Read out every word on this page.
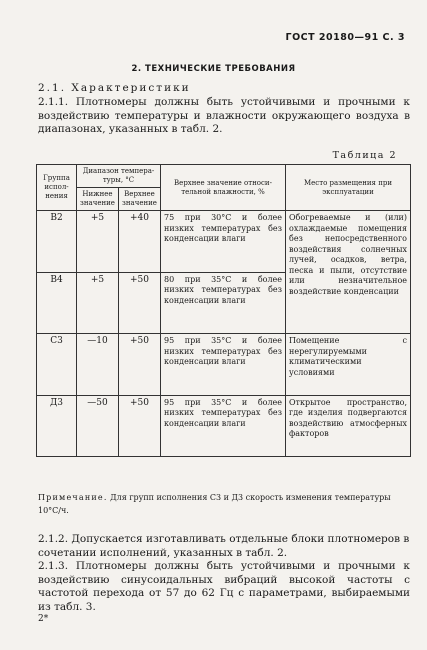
ГОСТ 20180—91 С. 3
2. ТЕХНИЧЕСКИЕ ТРЕБОВАНИЯ
2.1. Характеристики
2.1.1. Плотномеры должны быть устойчивыми и прочными к воздействию температуры и влажности окружающего воздуха в диапазонах, указанных в табл. 2.
Таблица 2
Группа испол-нения	Диапазон темпера-туры, °С		Верхнее значение относи-тельной влажности, %	Место размещения при эксплуатации
	Нижнее значение	Верхнее значение		
В2	+5	+40	75 при 30°С и более низких температурах без конденсации влаги	Обогреваемые и (или) охлаждаемые помещения без непосредственного воздействия солнечных лучей, осадков, ветра, песка и пыли, отсутствие или незначительное воздействие конденсации
В4	+5	+50	80 при 35°С и более низких температурах без конденсации влаги	
С3	—10	+50	95 при 35°С и более низких температурах без конденсации влаги	Помещение с нерегулируемыми климатическими условиями
Д3	—50	+50	95 при 35°С и более низких температурах без конденсации влаги	Открытое пространство, где изделия подвергаются воздействию атмосферных факторов
Примечание. Для групп исполнения С3 и Д3 скорость изменения температуры 10°С/ч.
2.1.2. Допускается изготавливать отдельные блоки плотномеров в сочетании исполнений, указанных в табл. 2.
2.1.3. Плотномеры должны быть устойчивыми и прочными к воздействию синусоидальных вибраций высокой частоты с частотой перехода от 57 до 62 Гц с параметрами, выбираемыми из табл. 3.
2*
